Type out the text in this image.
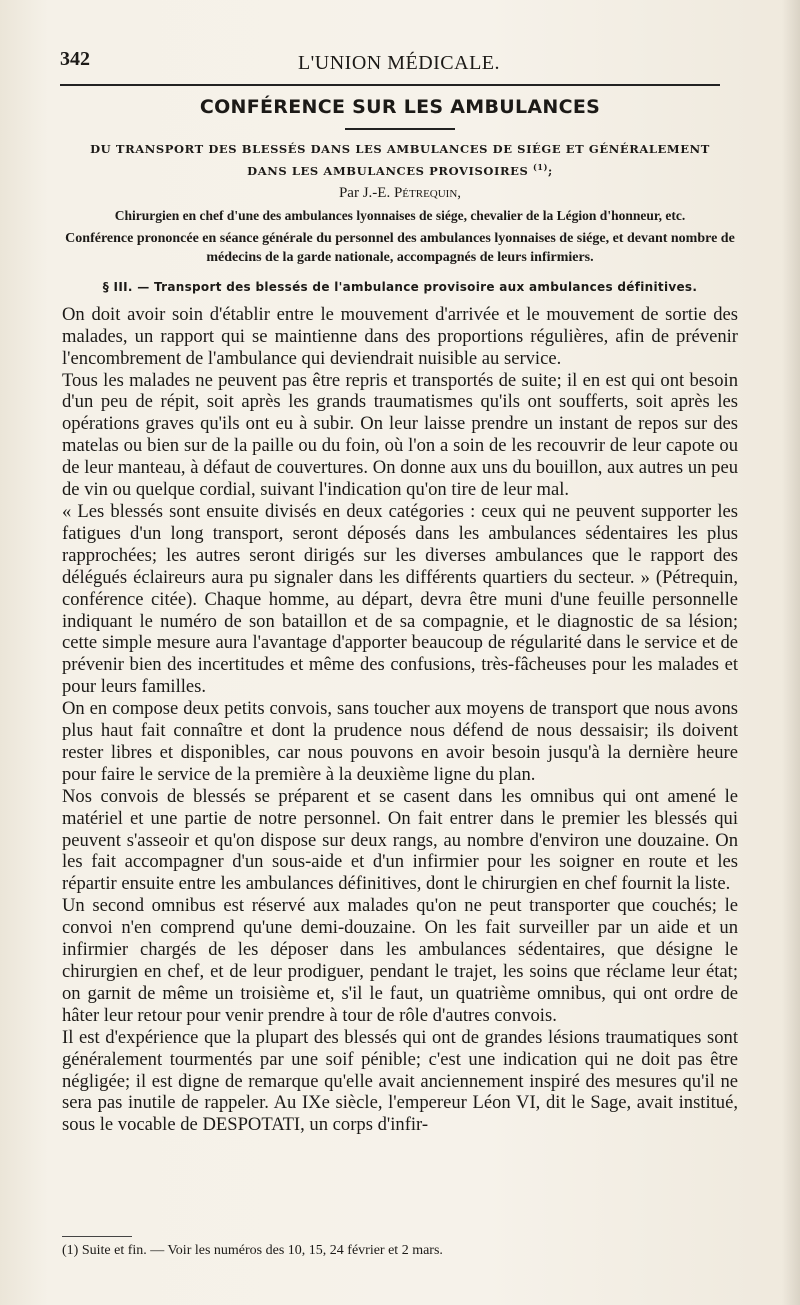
342	L'UNION MÉDICALE.
CONFÉRENCE SUR LES AMBULANCES

DU TRANSPORT DES BLESSÉS DANS LES AMBULANCES DE SIÉGE ET GÉNÉRALEMENT
DANS LES AMBULANCES PROVISOIRES $^{(1)}$;

Par J.-E. Pétrequin,

Chirurgien en chef d'une des ambulances lyonnaises de siége, chevalier de la Légion d'honneur, etc.

Conférence prononcée en séance générale du personnel des ambulances lyonnaises de siége, et devant nombre de médecins de la garde nationale, accompagnés de leurs infirmiers.

§ III. — Transport des blessés de l'ambulance provisoire aux ambulances définitives.

On doit avoir soin d'établir entre le mouvement d'arrivée et le mouvement de sortie des malades, un rapport qui se maintienne dans des proportions régulières, afin de prévenir l'encombrement de l'ambulance qui deviendrait nuisible au service.

Tous les malades ne peuvent pas être repris et transportés de suite; il en est qui ont besoin d'un peu de répit, soit après les grands traumatismes qu'ils ont soufferts, soit après les opérations graves qu'ils ont eu à subir. On leur laisse prendre un instant de repos sur des matelas ou bien sur de la paille ou du foin, où l'on a soin de les recouvrir de leur capote ou de leur manteau, à défaut de couvertures. On donne aux uns du bouillon, aux autres un peu de vin ou quelque cordial, suivant l'indication qu'on tire de leur mal.

« Les blessés sont ensuite divisés en deux catégories : ceux qui ne peuvent supporter les fatigues d'un long transport, seront déposés dans les ambulances sédentaires les plus rapprochées; les autres seront dirigés sur les diverses ambulances que le rapport des délégués éclaireurs aura pu signaler dans les différents quartiers du secteur. » (Pétrequin, conférence citée). Chaque homme, au départ, devra être muni d'une feuille personnelle indiquant le numéro de son bataillon et de sa compagnie, et le diagnostic de sa lésion; cette simple mesure aura l'avantage d'apporter beaucoup de régularité dans le service et de prévenir bien des incertitudes et même des confusions, très-fâcheuses pour les malades et pour leurs familles.

On en compose deux petits convois, sans toucher aux moyens de transport que nous avons plus haut fait connaître et dont la prudence nous défend de nous dessaisir; ils doivent rester libres et disponibles, car nous pouvons en avoir besoin jusqu'à la dernière heure pour faire le service de la première à la deuxième ligne du plan.

Nos convois de blessés se préparent et se casent dans les omnibus qui ont amené le matériel et une partie de notre personnel. On fait entrer dans le premier les blessés qui peuvent s'asseoir et qu'on dispose sur deux rangs, au nombre d'environ une douzaine. On les fait accompagner d'un sous-aide et d'un infirmier pour les soigner en route et les répartir ensuite entre les ambulances définitives, dont le chirurgien en chef fournit la liste.

Un second omnibus est réservé aux malades qu'on ne peut transporter que couchés; le convoi n'en comprend qu'une demi-douzaine. On les fait surveiller par un aide et un infirmier chargés de les déposer dans les ambulances sédentaires, que désigne le chirurgien en chef, et de leur prodiguer, pendant le trajet, les soins que réclame leur état; on garnit de même un troisième et, s'il le faut, un quatrième omnibus, qui ont ordre de hâter leur retour pour venir prendre à tour de rôle d'autres convois.

Il est d'expérience que la plupart des blessés qui ont de grandes lésions traumatiques sont généralement tourmentés par une soif pénible; c'est une indication qui ne doit pas être négligée; il est digne de remarque qu'elle avait anciennement inspiré des mesures qu'il ne sera pas inutile de rappeler. Au IXe siècle, l'empereur Léon VI, dit le Sage, avait institué, sous le vocable de DESPOTATI, un corps d'infir-

(1) Suite et fin. — Voir les numéros des 10, 15, 24 février et 2 mars.
